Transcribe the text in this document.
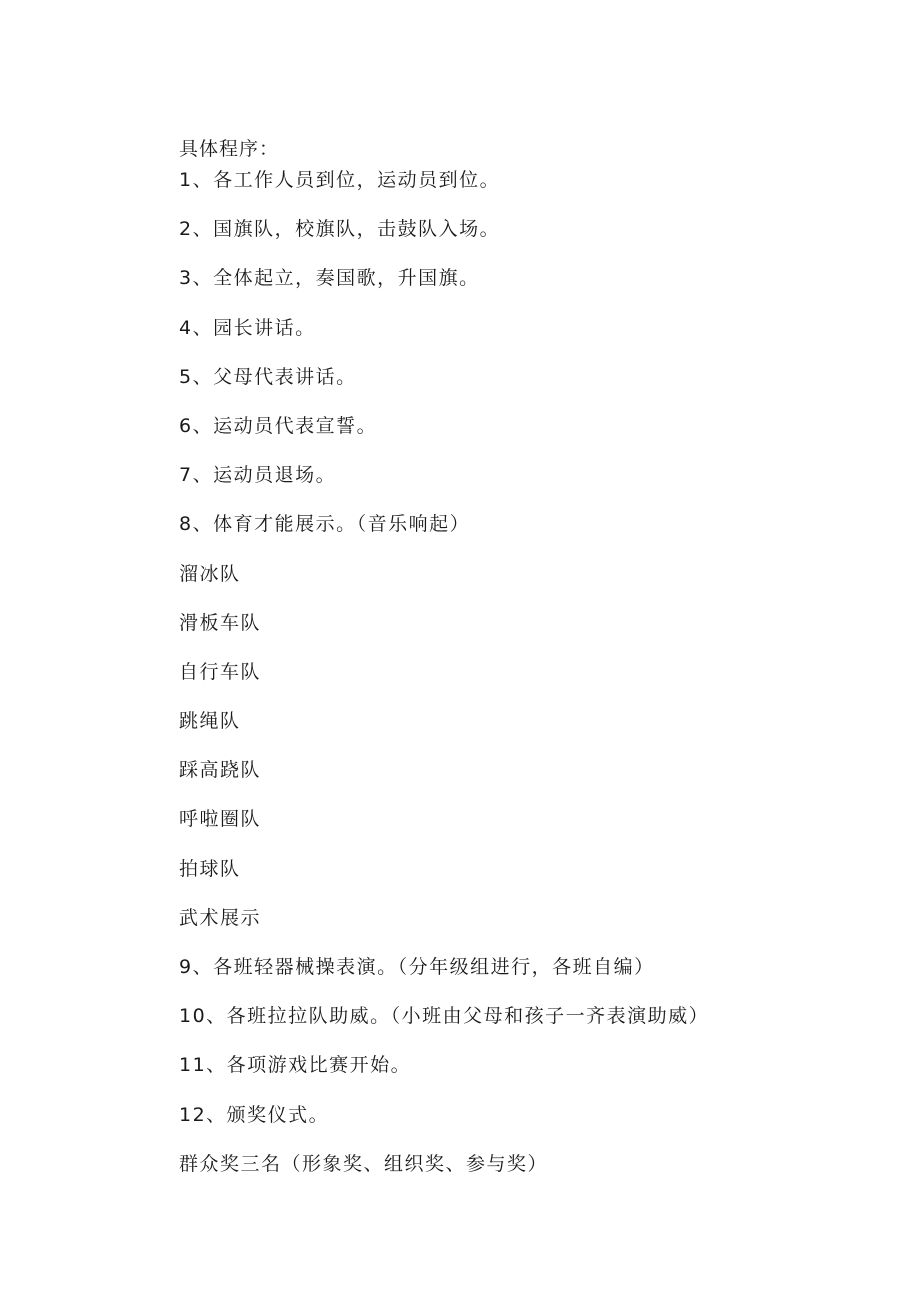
具体程序：
1、各工作人员到位，运动员到位。
2、国旗队，校旗队，击鼓队入场。
3、全体起立，奏国歌，升国旗。
4、园长讲话。
5、父母代表讲话。
6、运动员代表宣誓。
7、运动员退场。
8、体育才能展示。（音乐响起）
溜冰队
滑板车队
自行车队
跳绳队
踩高跷队
呼啦圈队
拍球队
武术展示
9、各班轻器械操表演。（分年级组进行，各班自编）
10、各班拉拉队助威。（小班由父母和孩子一齐表演助威）
11、各项游戏比赛开始。
12、颁奖仪式。
群众奖三名（形象奖、组织奖、参与奖）
